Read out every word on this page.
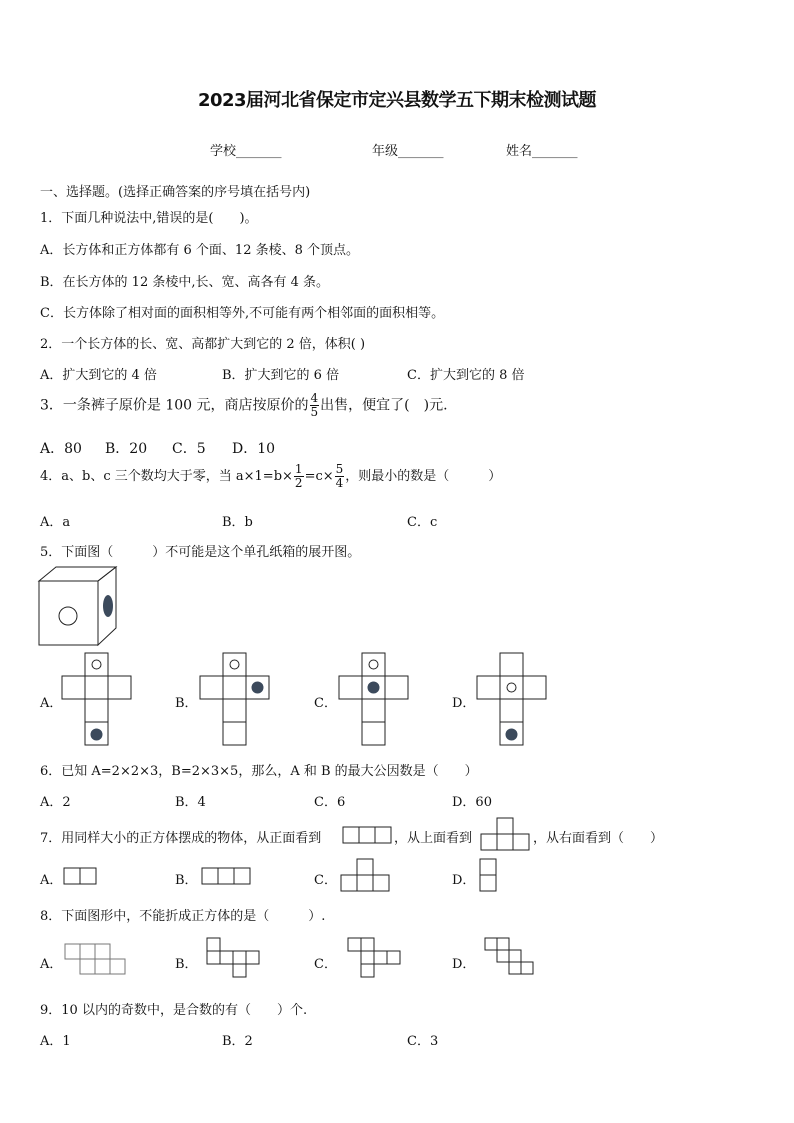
2023届河北省保定市定兴县数学五下期末检测试题
学校_______	年级_______	姓名_______
一、选择题。(选择正确答案的序号填在括号内)
1．下面几种说法中,错误的是(　　)。
A．长方体和正方体都有 6 个面、12 条棱、8 个顶点。
B．在长方体的 12 条棱中,长、宽、高各有 4 条。
C．长方体除了相对面的面积相等外,不可能有两个相邻面的面积相等。
2．一个长方体的长、宽、高都扩大到它的 2 倍，体积( )
A．扩大到它的 4 倍	B．扩大到它的 6 倍	C．扩大到它的 8 倍
3．一条裤子原价是 100 元，商店按原价的 $\frac{4}{5}$ 出售，便宜了(　)元.
A．80 B．20 C．5 D．10
4．a、b、c 三个数均大于零，当 $a\times 1=b\times \frac{1}{2} =c\times \frac{5}{4}$ ，则最小的数是（　　　）
A．a	B．b	C．c
5．下面图（　　　）不可能是这个单孔纸箱的展开图。
A．	B．	C．	D．
6．已知 A=2×2×3，B=2×3×5，那么，A 和 B 的最大公因数是（　　）
A．2	B．4	C．6	D．60
7．用同样大小的正方体摆成的物体，从正面看到	，从上面看到	，从右面看到（　　）
A．	B．	C．	D．
8．下面图形中，不能折成正方体的是（　　　）.
A．	B．	C．	D．
9．10 以内的奇数中，是合数的有（　　）个.
A．1	B．2	C．3
